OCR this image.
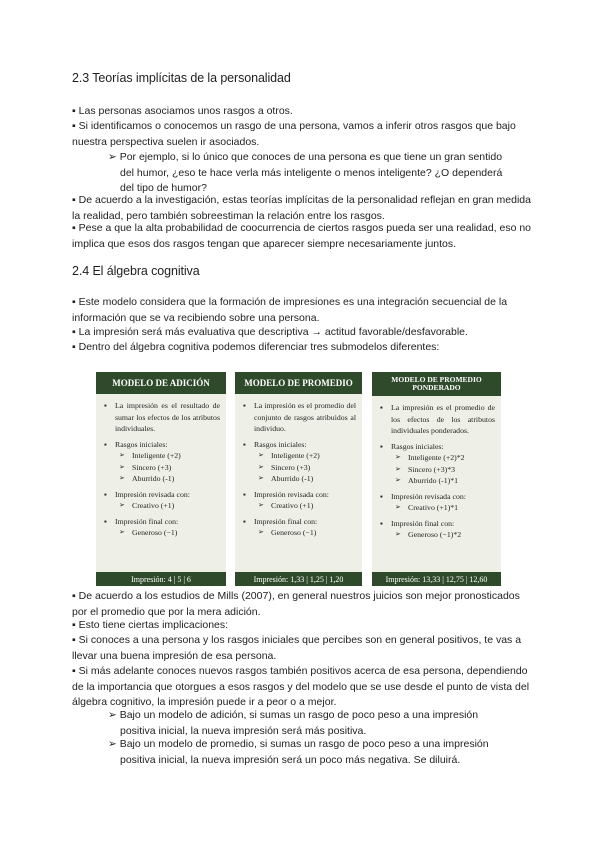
2.3 Teorías implícitas de la personalidad

▪ Las personas asociamos unos rasgos a otros.

▪ Si identificamos o conocemos un rasgo de una persona, vamos a inferir otros rasgos que bajo nuestra perspectiva suelen ir asociados.

➢ Por ejemplo, si lo único que conoces de una persona es que tiene un gran sentido
del humor, ¿eso te hace verla más inteligente o menos inteligente? ¿O dependerá
del tipo de humor?

▪ De acuerdo a la investigación, estas teorías implícitas de la personalidad reflejan en gran medida la realidad, pero también sobreestiman la relación entre los rasgos.

▪ Pese a que la alta probabilidad de coocurrencia de ciertos rasgos pueda ser una realidad, eso no implica que esos dos rasgos tengan que aparecer siempre necesariamente juntos.

2.4 El álgebra cognitiva

▪ Este modelo considera que la formación de impresiones es una integración secuencial de la información que se va recibiendo sobre una persona.

▪ La impresión será más evaluativa que descriptiva → actitud favorable/desfavorable.

▪ Dentro del álgebra cognitiva podemos diferenciar tres submodelos diferentes:

MODELO DE ADICIÓN
▪ La impresión es el resultado de sumar los efectos de los atributos individuales.
▪ Rasgos iniciales:
➢ Inteligente (+2)
➢ Sincero (+3)
➢ Aburrido (-1)
▪ Impresión revisada con:
➢ Creativo (+1)
▪ Impresión final con:
➢ Generoso (−1)
Impresión: 4 | 5 | 6
MODELO DE PROMEDIO
▪ La impresión es el promedio del conjunto de rasgos atribuidos al individuo.
▪ Rasgos iniciales:
➢ Inteligente (+2)
➢ Sincero (+3)
➢ Aburrido (-1)
▪ Impresión revisada con:
➢ Creativo (+1)
▪ Impresión final con:
➢ Generoso (−1)
Impresión: 1,33 | 1,25 | 1,20
MODELO DE PROMEDIO
PONDERADO
▪ La impresión es el promedio de los efectos de los atributos individuales ponderados.
▪ Rasgos iniciales:
➢ Inteligente (+2)*2
➢ Sincero (+3)*3
➢ Aburrido (-1)*1
▪ Impresión revisada con:
➢ Creativo (+1)*1
▪ Impresión final con:
➢ Generoso (−1)*2
Impresión: 13,33 | 12,75 | 12,60

▪ De acuerdo a los estudios de Mills (2007), en general nuestros juicios son mejor pronosticados por el promedio que por la mera adición.

▪ Esto tiene ciertas implicaciones:

▪ Si conoces a una persona y los rasgos iniciales que percibes son en general positivos, te vas a llevar una buena impresión de esa persona.

▪ Si más adelante conoces nuevos rasgos también positivos acerca de esa persona, dependiendo de la importancia que otorgues a esos rasgos y del modelo que se use desde el punto de vista del álgebra cognitivo, la impresión puede ir a peor o a mejor.

➢ Bajo un modelo de adición, si sumas un rasgo de poco peso a una impresión
positiva inicial, la nueva impresión será más positiva.

➢ Bajo un modelo de promedio, si sumas un rasgo de poco peso a una impresión
positiva inicial, la nueva impresión será un poco más negativa. Se diluirá.
